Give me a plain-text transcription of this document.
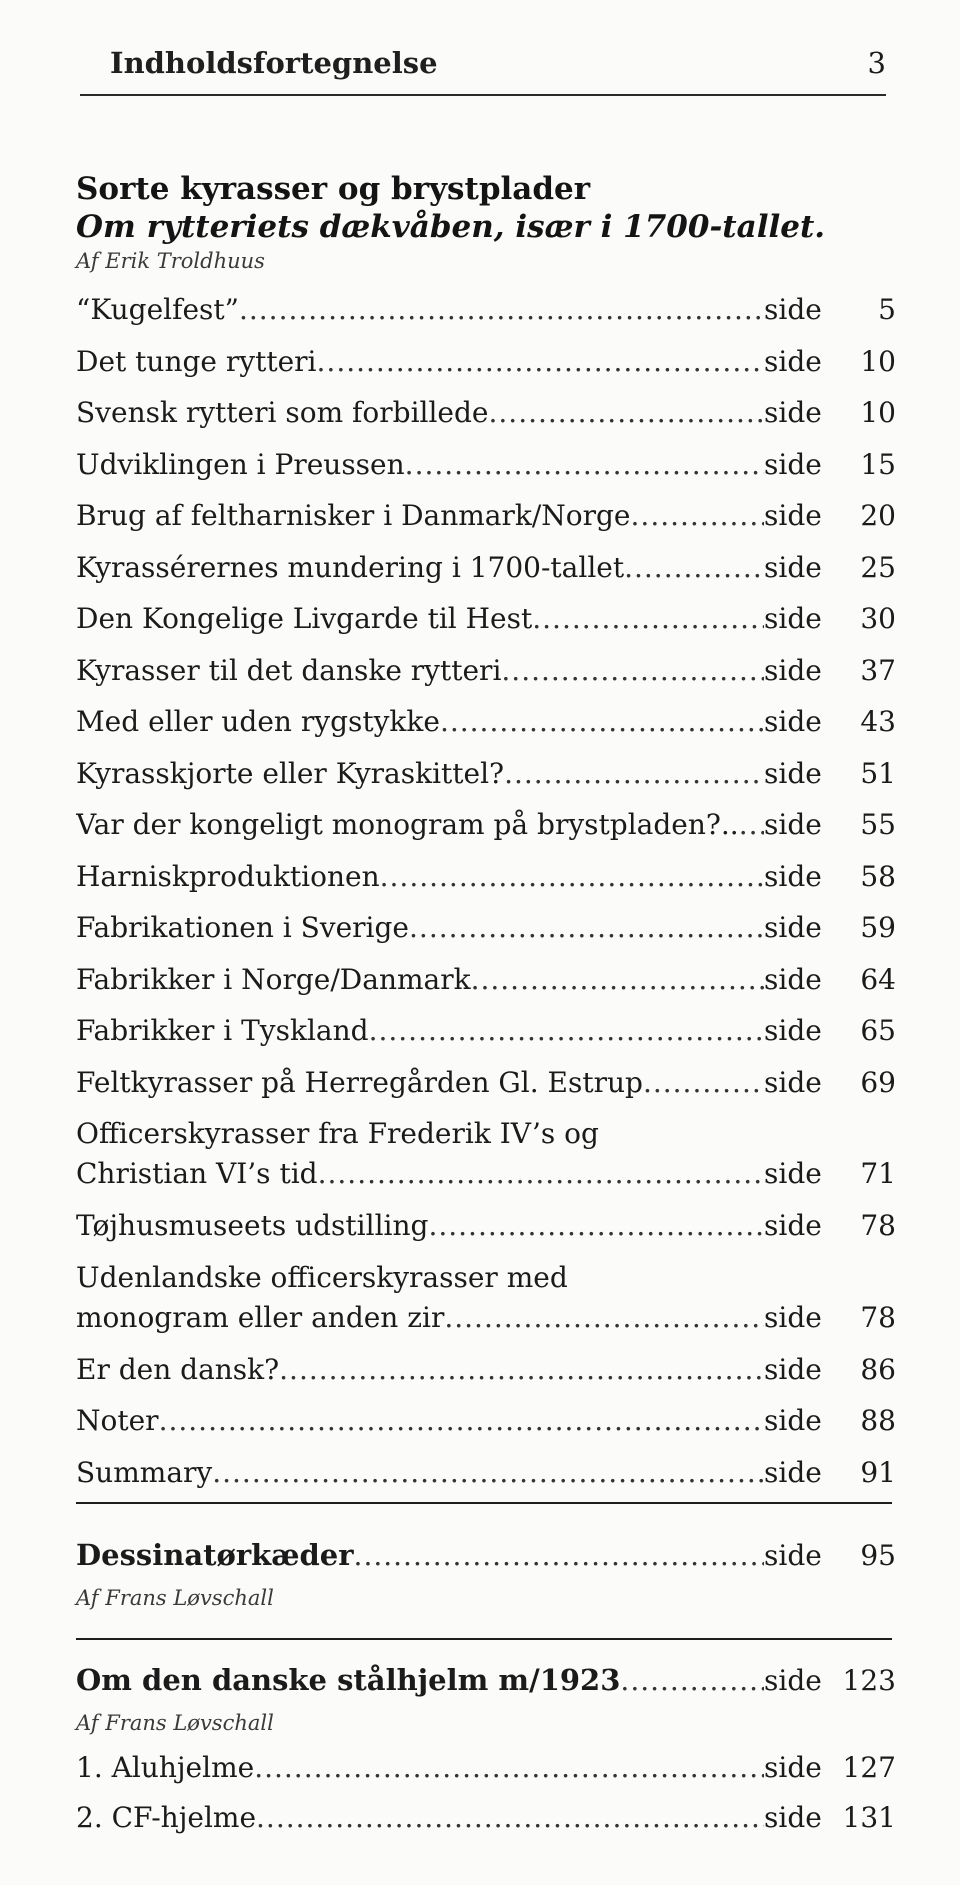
Indholdsfortegnelse	3
Sorte kyrasser og brystplader
Om rytteriets dækvåben, især i 1700-tallet.
Af Erik Troldhuus
“Kugelfest” .....	side	5
Det tunge rytteri .....	side	10
Svensk rytteri som forbillede .....	side	10
Udviklingen i Preussen .....	side	15
Brug af feltharnisker i Danmark/Norge .....	side	20
Kyrassérernes mundering i 1700-tallet .....	side	25
Den Kongelige Livgarde til Hest .....	side	30
Kyrasser til det danske rytteri .....	side	37
Med eller uden rygstykke .....	side	43
Kyrasskjorte eller Kyraskittel? .....	side	51
Var der kongeligt monogram på brystpladen?.. ..... side	55
Harniskproduktionen .....	side	58
Fabrikationen i Sverige .....	side	59
Fabrikker i Norge/Danmark .....	side	64
Fabrikker i Tyskland .....	side	65
Feltkyrasser på Herregården Gl. Estrup .....	side	69
Officerskyrasser fra Frederik IV’s og
Christian VI’s tid .....	side	71
Tøjhusmuseets udstilling .....	side	78
Udenlandske officerskyrasser med
monogram eller anden zir .....	side	78
Er den dansk? .....	side	86
Noter .....	side	88
Summary .....	side	91
Dessinatørkæder .....	side	95
Af Frans Løvschall
Om den danske stålhjelm m/1923 .....	side 123
Af Frans Løvschall
1. Aluhjelme .....	side 127
2. CF-hjelme .....	side 131
